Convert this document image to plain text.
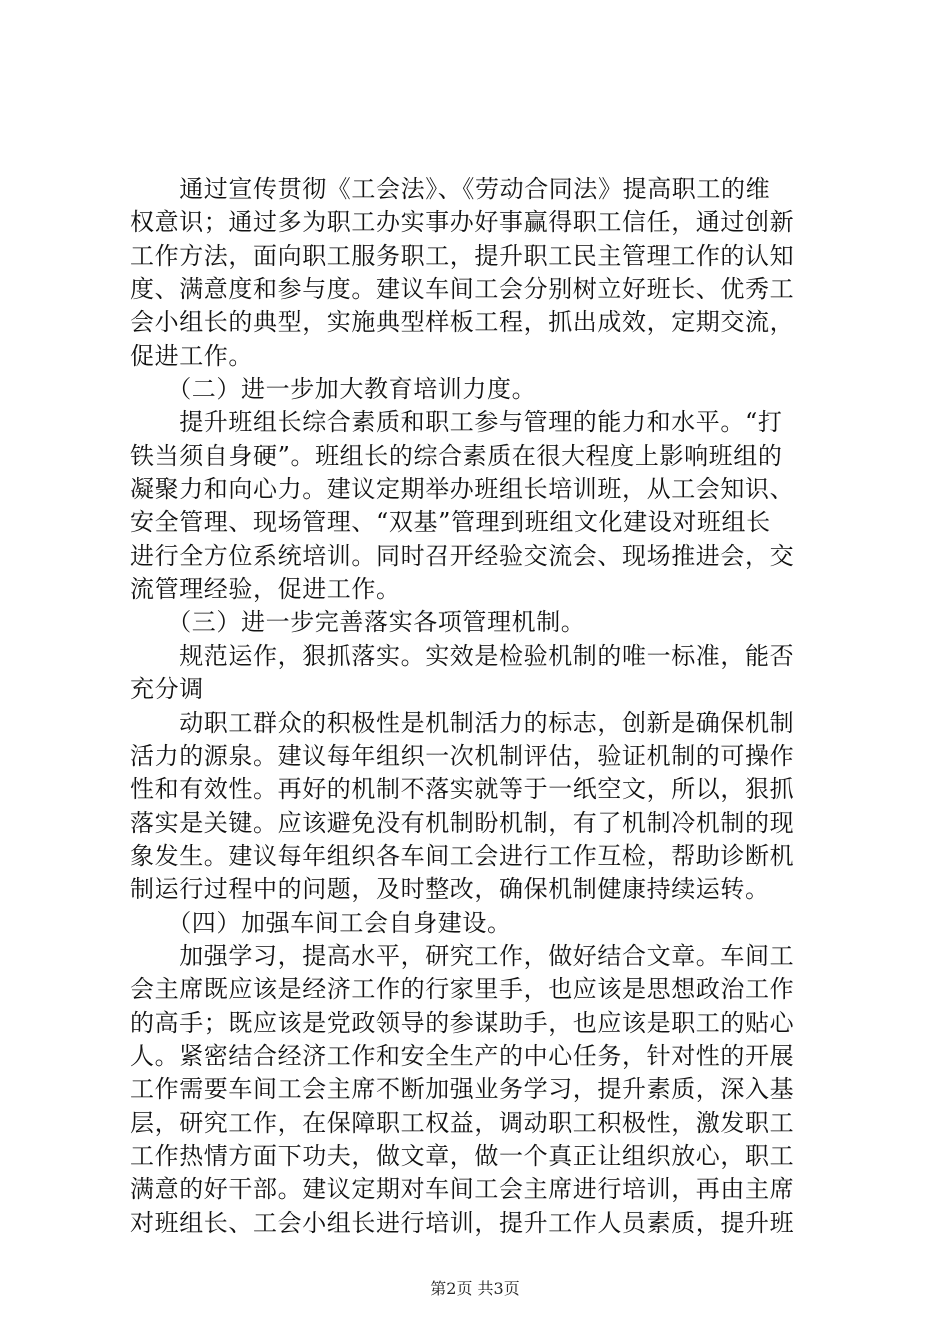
　　通过宣传贯彻《工会法》、《劳动合同法》提高职工的维
权意识；通过多为职工办实事办好事赢得职工信任，通过创新
工作方法，面向职工服务职工，提升职工民主管理工作的认知
度、满意度和参与度。建议车间工会分别树立好班长、优秀工
会小组长的典型，实施典型样板工程，抓出成效，定期交流，
促进工作。
　　（二）进一步加大教育培训力度。
　　提升班组长综合素质和职工参与管理的能力和水平。“打
铁当须自身硬”。班组长的综合素质在很大程度上影响班组的
凝聚力和向心力。建议定期举办班组长培训班，从工会知识、
安全管理、现场管理、“双基”管理到班组文化建设对班组长
进行全方位系统培训。同时召开经验交流会、现场推进会，交
流管理经验，促进工作。
　　（三）进一步完善落实各项管理机制。
　　规范运作，狠抓落实。实效是检验机制的唯一标准，能否
充分调
　　动职工群众的积极性是机制活力的标志，创新是确保机制
活力的源泉。建议每年组织一次机制评估，验证机制的可操作
性和有效性。再好的机制不落实就等于一纸空文，所以，狠抓
落实是关键。应该避免没有机制盼机制，有了机制冷机制的现
象发生。建议每年组织各车间工会进行工作互检，帮助诊断机
制运行过程中的问题，及时整改，确保机制健康持续运转。
　　（四）加强车间工会自身建设。
　　加强学习，提高水平，研究工作，做好结合文章。车间工
会主席既应该是经济工作的行家里手，也应该是思想政治工作
的高手；既应该是党政领导的参谋助手，也应该是职工的贴心
人。紧密结合经济工作和安全生产的中心任务，针对性的开展
工作需要车间工会主席不断加强业务学习，提升素质，深入基
层，研究工作，在保障职工权益，调动职工积极性，激发职工
工作热情方面下功夫，做文章，做一个真正让组织放心，职工
满意的好干部。建议定期对车间工会主席进行培训，再由主席
对班组长、工会小组长进行培训，提升工作人员素质，提升班
第2页 共3页
